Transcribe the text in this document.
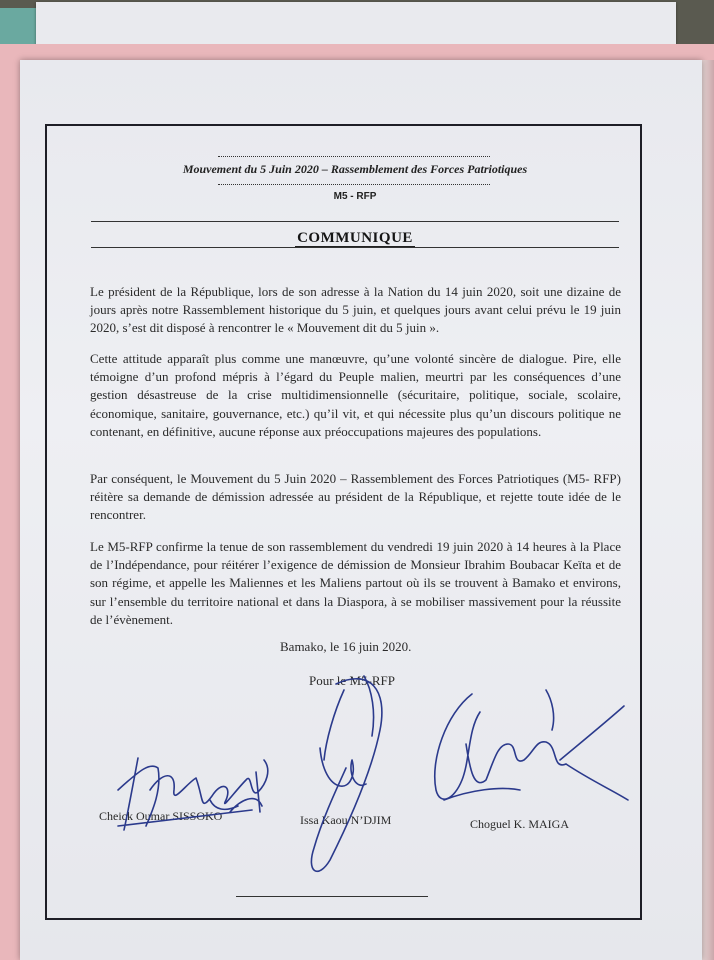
Mouvement du 5 Juin 2020 – Rassemblement des Forces Patriotiques
M5 - RFP
COMMUNIQUE

Le président de la République, lors de son adresse à la Nation du 14 juin 2020, soit une dizaine de jours après notre Rassemblement historique du 5 juin, et quelques jours avant celui prévu le 19 juin 2020, s’est dit disposé à rencontrer le « Mouvement dit du 5 juin ».

Cette attitude apparaît plus comme une manœuvre, qu’une volonté sincère de dialogue. Pire, elle témoigne d’un profond mépris à l’égard du Peuple malien, meurtri par les conséquences d’une gestion désastreuse de la crise multidimensionnelle (sécuritaire, politique, sociale, scolaire, économique, sanitaire, gouvernance, etc.) qu’il vit, et qui nécessite plus qu’un discours politique ne contenant, en définitive, aucune réponse aux préoccupations majeures des populations.

Par conséquent, le Mouvement du 5 Juin 2020 – Rassemblement des Forces Patriotiques (M5- RFP) réitère sa demande de démission adressée au président de la République, et rejette toute idée de le rencontrer.

Le M5-RFP confirme la tenue de son rassemblement du vendredi 19 juin 2020 à 14 heures à la Place de l’Indépendance, pour réitérer l’exigence de démission de Monsieur Ibrahim Boubacar Keïta et de son régime, et appelle les Maliennes et les Maliens partout où ils se trouvent à Bamako et environs, sur l’ensemble du territoire national et dans la Diaspora, à se mobiliser massivement pour la réussite de l’évènement.

Bamako, le 16 juin 2020.
Pour le M5-RFP
Cheick Oumar SISSOKO	Issa Kaou N’DJIM	Choguel K. MAIGA
